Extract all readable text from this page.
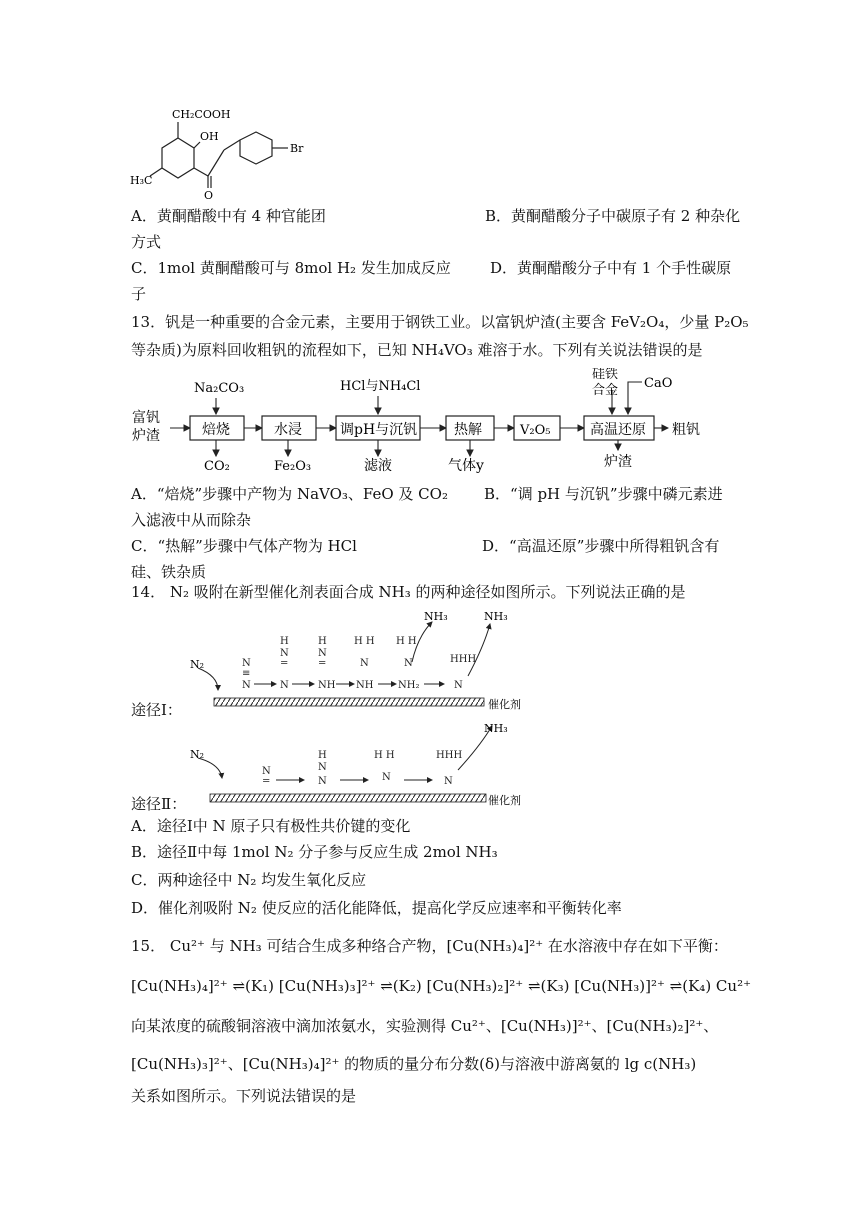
CH₂COOH
OH
Br
H₃C
O
A．黄酮醋酸中有 4 种官能团	B．黄酮醋酸分子中碳原子有 2 种杂化
方式
C．1mol 黄酮醋酸可与 8mol H₂ 发生加成反应	D．黄酮醋酸分子中有 1 个手性碳原
子
13．钒是一种重要的合金元素，主要用于钢铁工业。以富钒炉渣(主要含 FeV₂O₄，少量 P₂O₅
等杂质)为原料回收粗钒的流程如下，已知 NH₄VO₃ 难溶于水。下列有关说法错误的是
富钒
炉渣
Na₂CO₃
焙烧
CO₂
水浸
Fe₂O₃
HCl与NH₄Cl
调pH与沉钒
滤液
热解
气体y
V₂O₅
硅铁
合金 CaO
高温还原
炉渣
粗钒
A．“焙烧”步骤中产物为 NaVO₃、FeO 及 CO₂ B．“调 pH 与沉钒”步骤中磷元素进
入滤液中从而除杂
C．“热解”步骤中气体产物为 HCl	D．“高温还原”步骤中所得粗钒含有
硅、铁杂质
14． N₂ 吸附在新型催化剂表面合成 NH₃ 的两种途径如图所示。下列说法正确的是
N₂
NH₃	NH₃
催化剂
N₂
NH₃
催化剂
N
≡
N
H
N
=
N
H
N
=
NH
H H
N
NH
H H
N
NH₂
HHH
N
N
=
H
N
N
H H
N
HHH
N
途径Ⅰ：
途径Ⅱ：
A．途径Ⅰ中 N 原子只有极性共价键的变化
B．途径Ⅱ中每 1mol N₂ 分子参与反应生成 2mol NH₃
C．两种途径中 N₂ 均发生氧化反应
D．催化剂吸附 N₂ 使反应的活化能降低，提高化学反应速率和平衡转化率
15． Cu²⁺ 与 NH₃ 可结合生成多种络合产物，[Cu(NH₃)₄]²⁺ 在水溶液中存在如下平衡：
[Cu(NH₃)₄]²⁺ ⇌(K₁) [Cu(NH₃)₃]²⁺ ⇌(K₂) [Cu(NH₃)₂]²⁺ ⇌(K₃) [Cu(NH₃)]²⁺ ⇌(K₄) Cu²⁺
向某浓度的硫酸铜溶液中滴加浓氨水，实验测得 Cu²⁺、[Cu(NH₃)]²⁺、[Cu(NH₃)₂]²⁺、
[Cu(NH₃)₃]²⁺、[Cu(NH₃)₄]²⁺ 的物质的量分布分数(δ)与溶液中游离氨的 lg c(NH₃)
关系如图所示。下列说法错误的是
